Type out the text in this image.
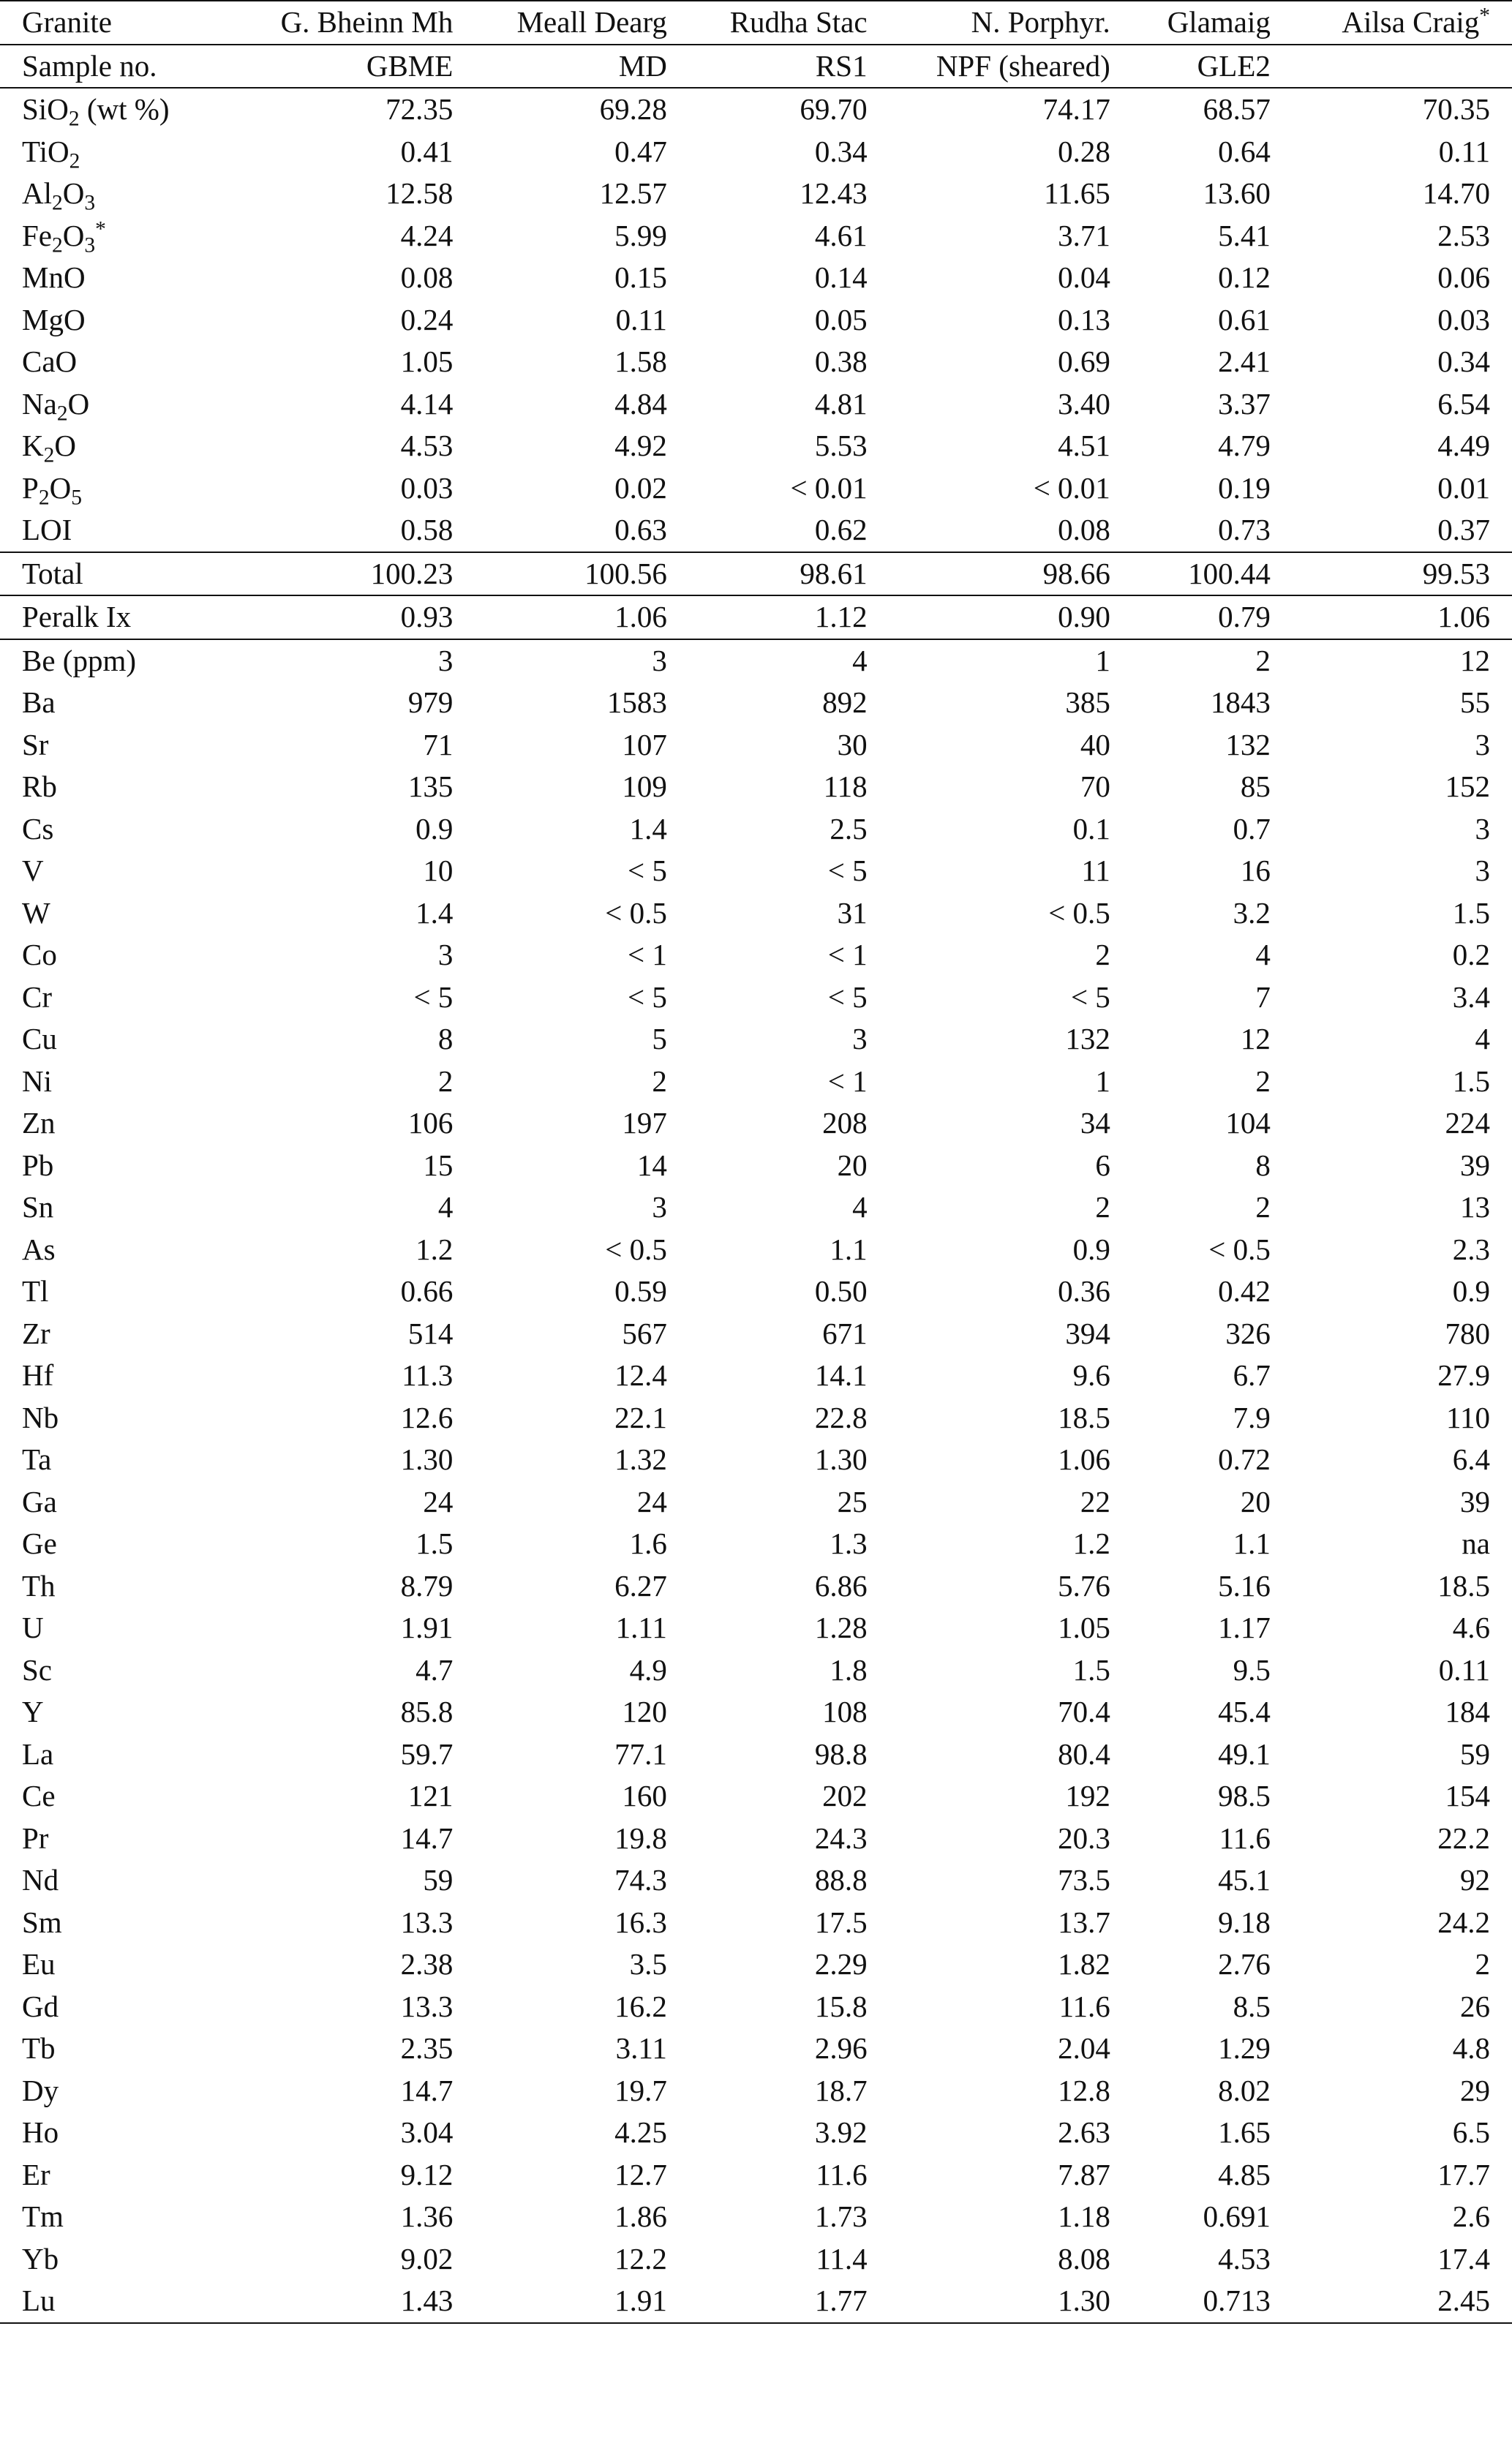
Granite	G. Bheinn Mh	Meall Dearg	Rudha Stac	N. Porphyr.	Glamaig	Ailsa Craig*
Sample no.	GBME	MD	RS1	NPF (sheared)	GLE2	
SiO$_2$ (wt %)	72.35	69.28	69.70	74.17	68.57	70.35
TiO$_2$	0.41	0.47	0.34	0.28	0.64	0.11
$Al_2O_3$	12.58	12.57	12.43	11.65	13.60	14.70
$Fe_2O_3^*$	4.24	5.99	4.61	3.71	5.41	2.53
MnO	0.08	0.15	0.14	0.04	0.12	0.06
MgO	0.24	0.11	0.05	0.13	0.61	0.03
CaO	1.05	1.58	0.38	0.69	2.41	0.34
$Na_2O$	4.14	4.84	4.81	3.40	3.37	6.54
$K_2O$	4.53	4.92	5.53	4.51	4.79	4.49
$P_2O_5$	0.03	0.02	< 0.01	< 0.01	0.19	0.01
LOI	0.58	0.63	0.62	0.08	0.73	0.37
Total	100.23	100.56	98.61	98.66	100.44	99.53
Peralk Ix	0.93	1.06	1.12	0.90	0.79	1.06
Be (ppm)	3	3	4	1	2	12
Ba	979	1583	892	385	1843	55
Sr	71	107	30	40	132	3
Rb	135	109	118	70	85	152
Cs	0.9	1.4	2.5	0.1	0.7	3
V	10	< 5	< 5	11	16	3
W	1.4	< 0.5	31	< 0.5	3.2	1.5
Co	3	< 1	< 1	2	4	0.2
Cr	< 5	< 5	< 5	< 5	7	3.4
Cu	8	5	3	132	12	4
Ni	2	2	< 1	1	2	1.5
Zn	106	197	208	34	104	224
Pb	15	14	20	6	8	39
Sn	4	3	4	2	2	13
As	1.2	< 0.5	1.1	0.9	< 0.5	2.3
Tl	0.66	0.59	0.50	0.36	0.42	0.9
Zr	514	567	671	394	326	780
Hf	11.3	12.4	14.1	9.6	6.7	27.9
Nb	12.6	22.1	22.8	18.5	7.9	110
Ta	1.30	1.32	1.30	1.06	0.72	6.4
Ga	24	24	25	22	20	39
Ge	1.5	1.6	1.3	1.2	1.1	na
Th	8.79	6.27	6.86	5.76	5.16	18.5
U	1.91	1.11	1.28	1.05	1.17	4.6
Sc	4.7	4.9	1.8	1.5	9.5	0.11
Y	85.8	120	108	70.4	45.4	184
La	59.7	77.1	98.8	80.4	49.1	59
Ce	121	160	202	192	98.5	154
Pr	14.7	19.8	24.3	20.3	11.6	22.2
Nd	59	74.3	88.8	73.5	45.1	92
Sm	13.3	16.3	17.5	13.7	9.18	24.2
Eu	2.38	3.5	2.29	1.82	2.76	2
Gd	13.3	16.2	15.8	11.6	8.5	26
Tb	2.35	3.11	2.96	2.04	1.29	4.8
Dy	14.7	19.7	18.7	12.8	8.02	29
Ho	3.04	4.25	3.92	2.63	1.65	6.5
Er	9.12	12.7	11.6	7.87	4.85	17.7
Tm	1.36	1.86	1.73	1.18	0.691	2.6
Yb	9.02	12.2	11.4	8.08	4.53	17.4
Lu	1.43	1.91	1.77	1.30	0.713	2.45
